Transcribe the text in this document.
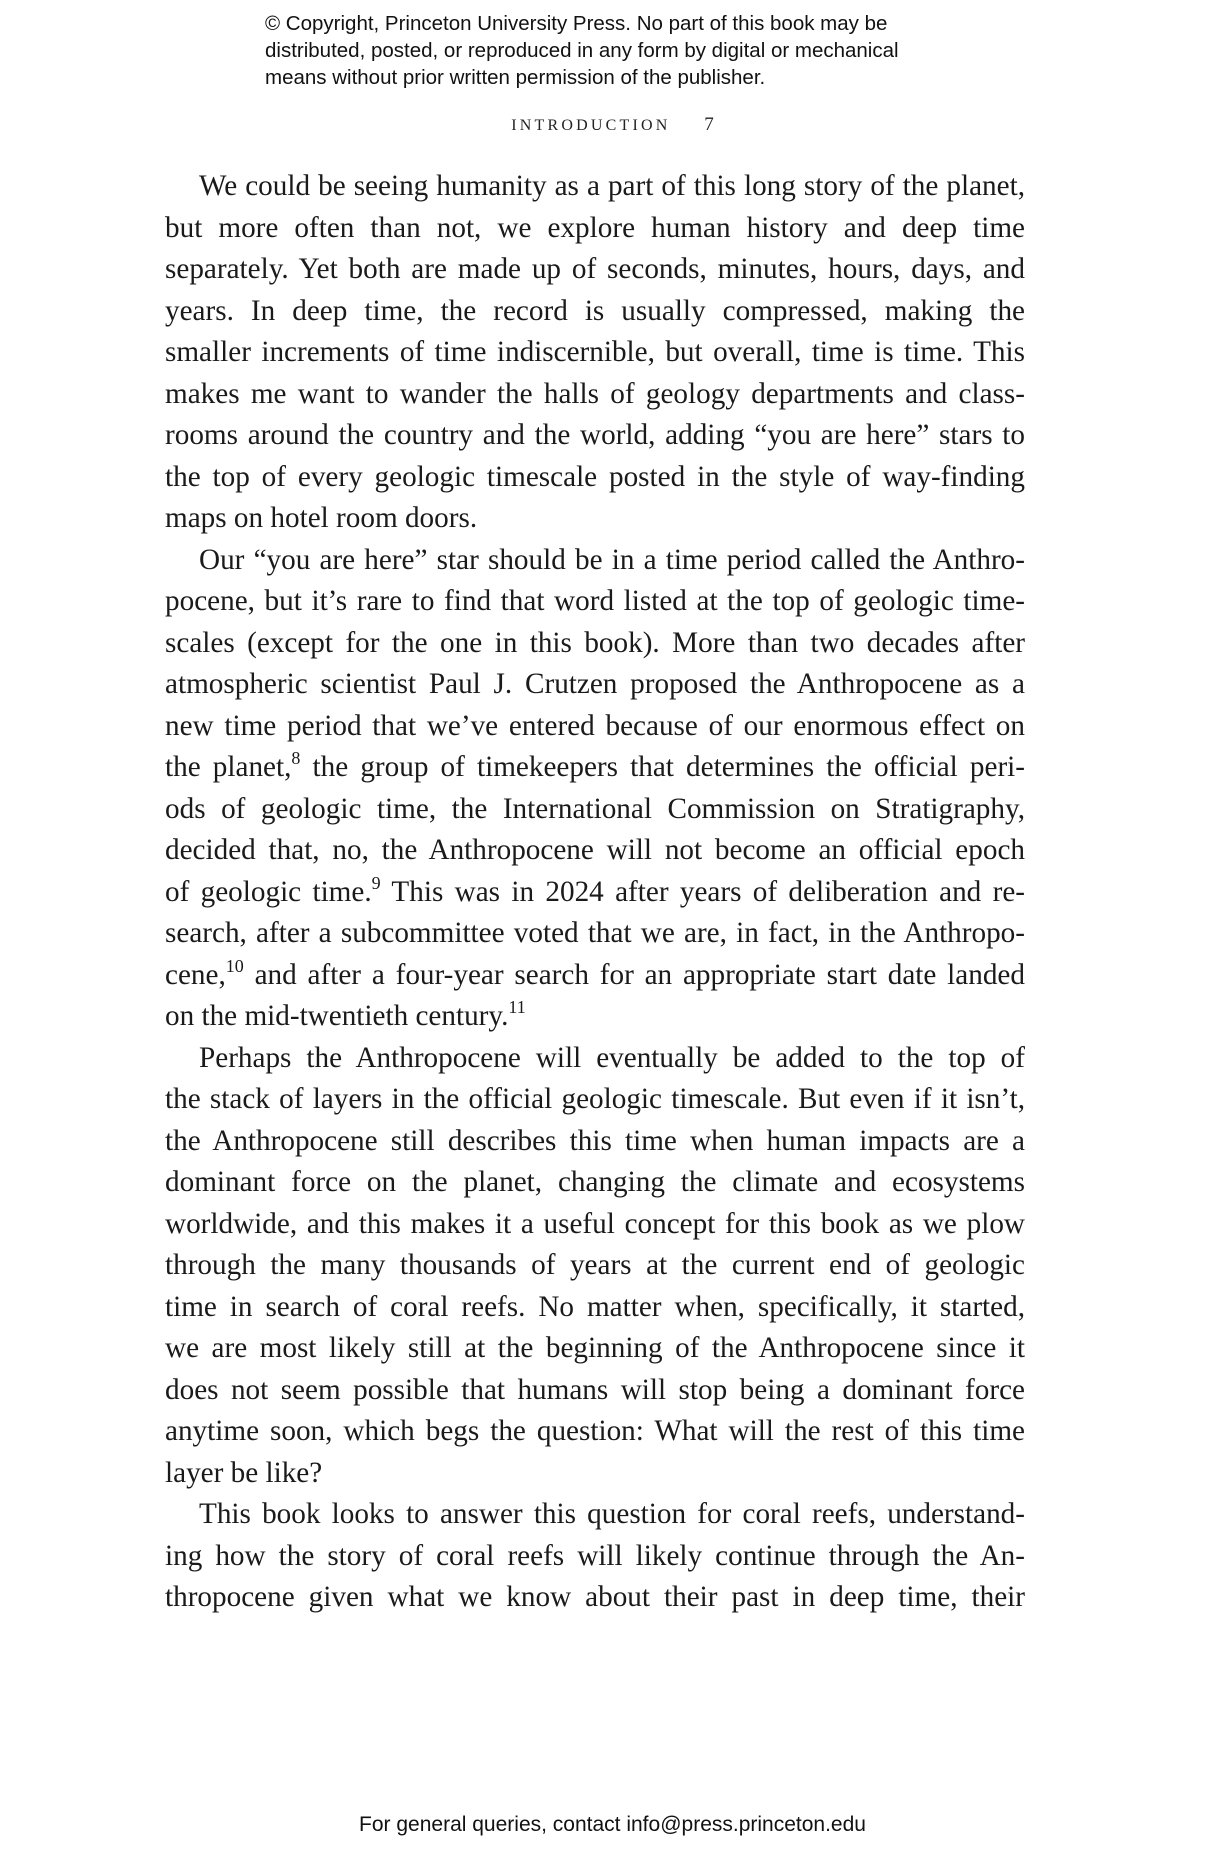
© Copyright, Princeton University Press. No part of this book may be
distributed, posted, or reproduced in any form by digital or mechanical
means without prior written permission of the publisher.
INTRODUCTION 7
We could be seeing humanity as a part of this long story of the planet,
but more often than not, we explore human history and deep time
separately. Yet both are made up of seconds, minutes, hours, days, and
years. In deep time, the record is usually compressed, making the
smaller increments of time indiscernible, but overall, time is time. This
makes me want to wander the halls of geology departments and class-
rooms around the country and the world, adding “you are here” stars to
the top of every geologic timescale posted in the style of way-finding
maps on hotel room doors.
Our “you are here” star should be in a time period called the Anthro-
pocene, but it’s rare to find that word listed at the top of geologic time-
scales (except for the one in this book). More than two decades after
atmospheric scientist Paul J. Crutzen proposed the Anthropocene as a
new time period that we’ve entered because of our enormous effect on
the planet,$^8$ the group of timekeepers that determines the official peri-
ods of geologic time, the International Commission on Stratigraphy,
decided that, no, the Anthropocene will not become an official epoch
of geologic time.$^9$ This was in 2024 after years of deliberation and re-
search, after a subcommittee voted that we are, in fact, in the Anthropo-
cene,$^{10}$ and after a four-year search for an appropriate start date landed
on the mid-twentieth century.$^{11}$
Perhaps the Anthropocene will eventually be added to the top of
the stack of layers in the official geologic timescale. But even if it isn’t,
the Anthropocene still describes this time when human impacts are a
dominant force on the planet, changing the climate and ecosystems
worldwide, and this makes it a useful concept for this book as we plow
through the many thousands of years at the current end of geologic
time in search of coral reefs. No matter when, specifically, it started,
we are most likely still at the beginning of the Anthropocene since it
does not seem possible that humans will stop being a dominant force
anytime soon, which begs the question: What will the rest of this time
layer be like?
This book looks to answer this question for coral reefs, understand-
ing how the story of coral reefs will likely continue through the An-
thropocene given what we know about their past in deep time, their
For general queries, contact info@press.princeton.edu
